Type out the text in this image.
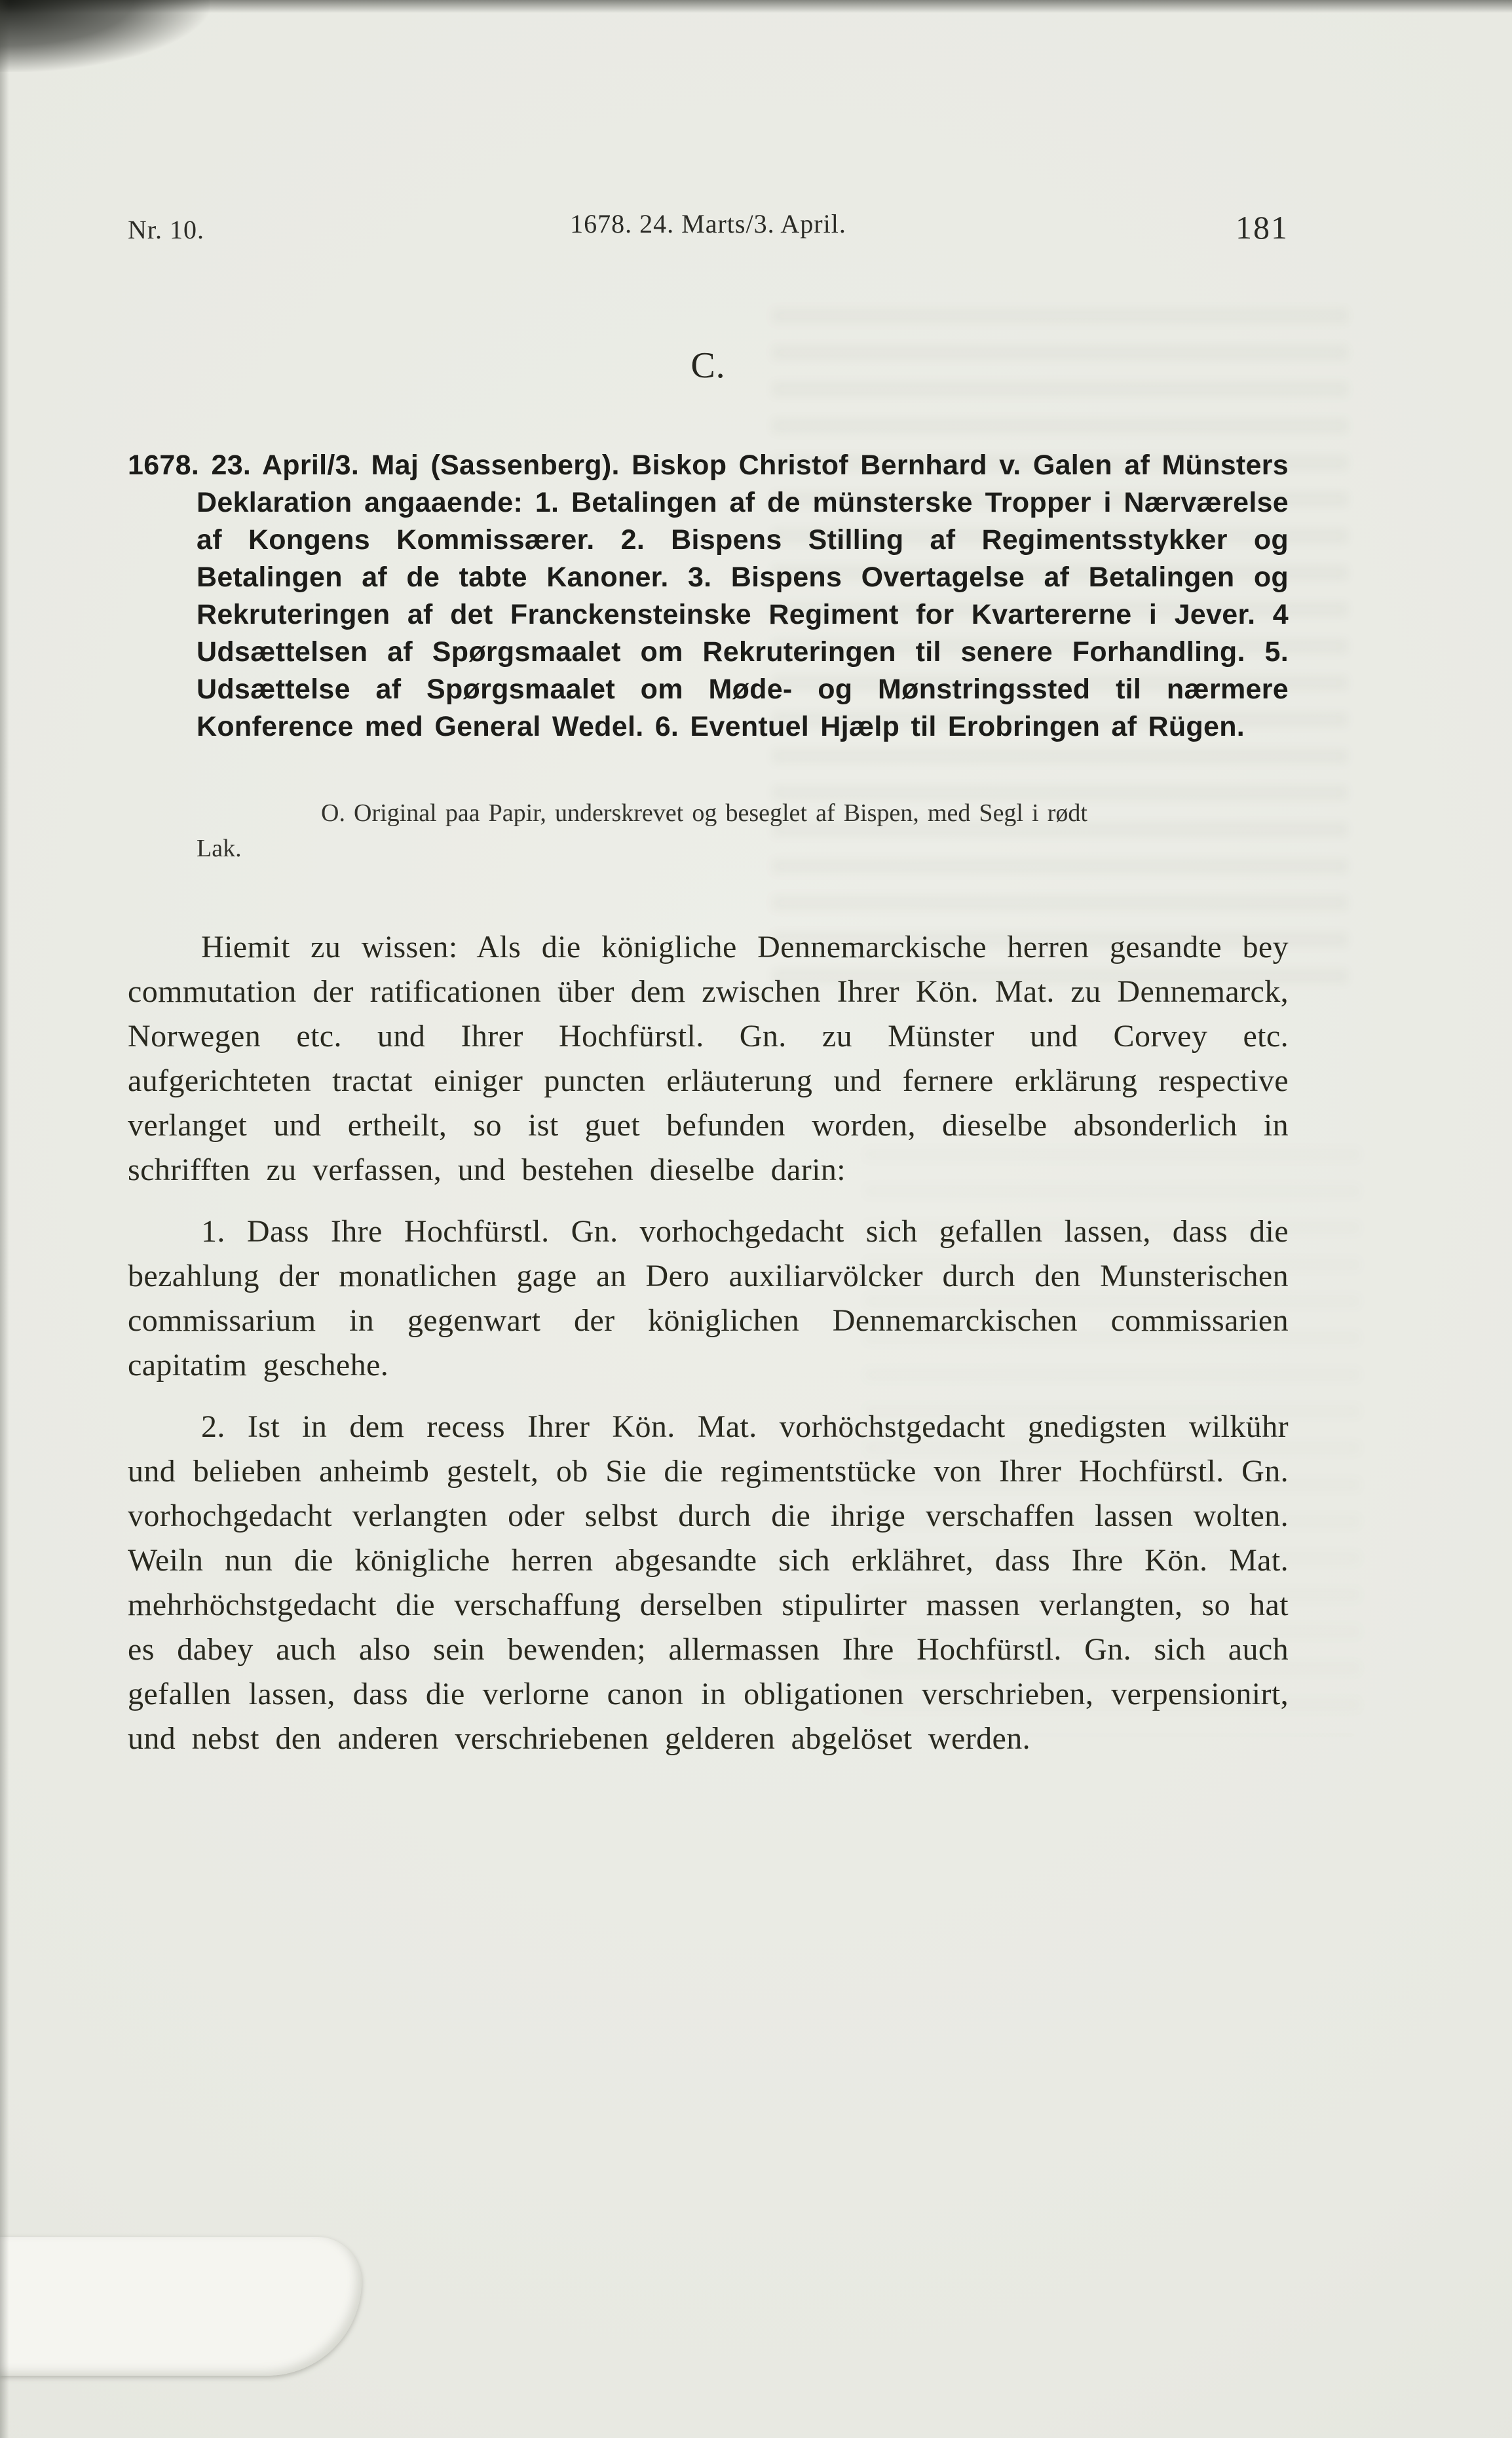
Nr. 10.	1678. 24. Marts/3. April.	181
C.

1678. 23. April/3. Maj (Sassenberg). Biskop Christof Bernhard v. Galen af Münsters Deklaration angaaende: 1. Betalingen af de münsterske Tropper i Nærværelse af Kongens Kommissærer. 2. Bispens Stilling af Regimentsstykker og Betalingen af de tabte Kanoner. 3. Bispens Overtagelse af Betalingen og Rekruteringen af det Franckensteinske Regiment for Kvartererne i Jever. 4 Udsættelsen af Spørgsmaalet om Rekruteringen til senere Forhandling. 5. Udsættelse af Spørgsmaalet om Møde- og Mønstringssted til nærmere Konference med General Wedel. 6. Eventuel Hjælp til Erobringen af Rügen.

O. Original paa Papir, underskrevet og beseglet af Bispen, med Segl i rødt Lak.

Hiemit zu wissen: Als die königliche Dennemarckische herren gesandte bey commutation der ratificationen über dem zwischen Ihrer Kön. Mat. zu Dennemarck, Norwegen etc. und Ihrer Hochfürstl. Gn. zu Münster und Corvey etc. aufgerichteten tractat einiger puncten erläuterung und fernere erklärung respective verlanget und ertheilt, so ist guet befunden worden, dieselbe absonderlich in schrifften zu verfassen, und bestehen dieselbe darin:

1. Dass Ihre Hochfürstl. Gn. vorhochgedacht sich gefallen lassen, dass die bezahlung der monatlichen gage an Dero auxiliarvölcker durch den Munsterischen commissarium in gegenwart der königlichen Dennemarckischen commissarien capitatim geschehe.

2. Ist in dem recess Ihrer Kön. Mat. vorhöchstgedacht gnedigsten wilkühr und belieben anheimb gestelt, ob Sie die regimentstücke von Ihrer Hochfürstl. Gn. vorhochgedacht verlangten oder selbst durch die ihrige verschaffen lassen wolten. Weiln nun die königliche herren abgesandte sich erklähret, dass Ihre Kön. Mat. mehrhöchstgedacht die verschaffung derselben stipulirter massen verlangten, so hat es dabey auch also sein bewenden; allermassen Ihre Hochfürstl. Gn. sich auch gefallen lassen, dass die verlorne canon in obligationen verschrieben, verpensionirt, und nebst den anderen verschriebenen gelderen abgelöset werden.
